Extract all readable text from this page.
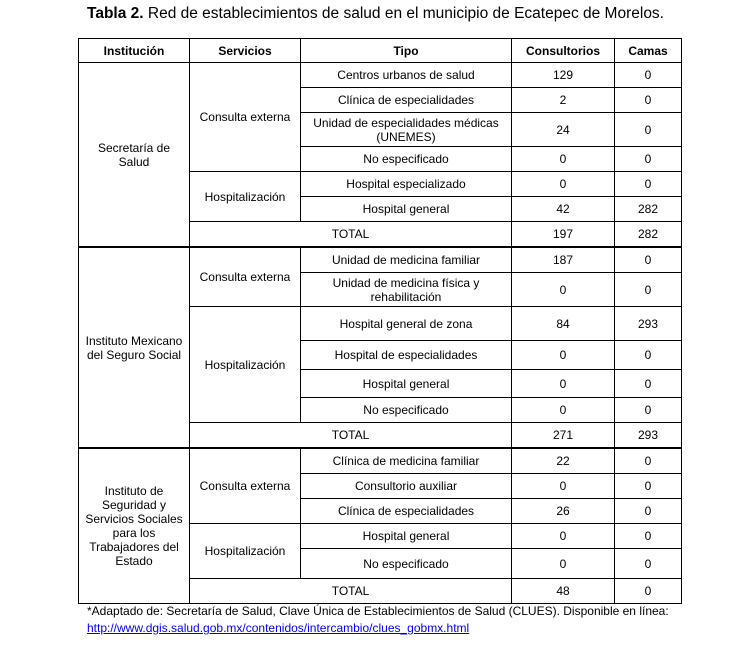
Tabla 2. Red de establecimientos de salud en el municipio de Ecatepec de Morelos.
Institución	Servicios	Tipo	Consultorios	Camas
Secretaría de Salud	Consulta externa	Centros urbanos de salud	129	0
		Clínica de especialidades	2	0
		Unidad de especialidades médicas (UNEMES)	24	0
		No especificado	0	0
	Hospitalización	Hospital especializado	0	0
		Hospital general	42	282
	TOTAL		197	282
Instituto Mexicano del Seguro Social	Consulta externa	Unidad de medicina familiar	187	0
		Unidad de medicina física y rehabilitación	0	0
	Hospitalización	Hospital general de zona	84	293
		Hospital de especialidades	0	0
		Hospital general	0	0
		No especificado	0	0
	TOTAL		271	293
Instituto de Seguridad y Servicios Sociales para los Trabajadores del Estado	Consulta externa	Clínica de medicina familiar	22	0
		Consultorio auxiliar	0	0
		Clínica de especialidades	26	0
	Hospitalización	Hospital general	0	0
		No especificado	0	0
	TOTAL		48	0
*Adaptado de: Secretaría de Salud, Clave Única de Establecimientos de Salud (CLUES). Disponible en línea:
http://www.dgis.salud.gob.mx/contenidos/intercambio/clues_gobmx.html
